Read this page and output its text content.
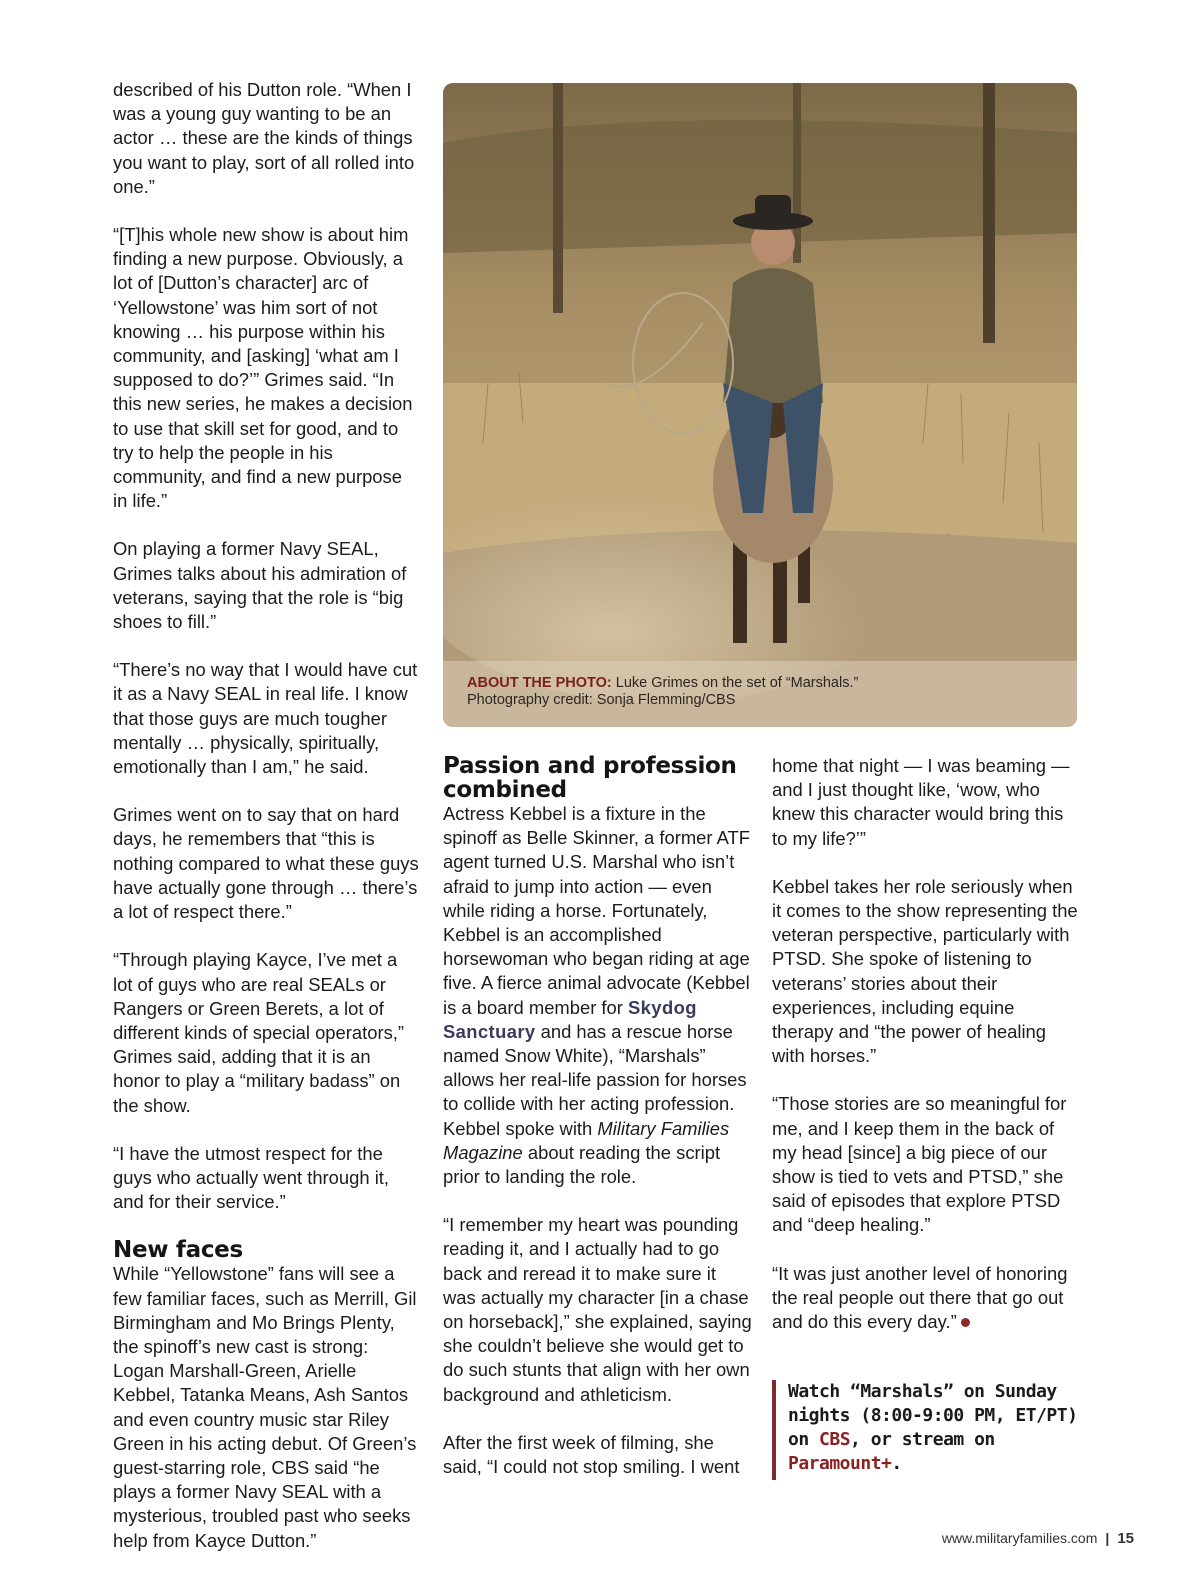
described of his Dutton role. “When I was a young guy wanting to be an actor … these are the kinds of things you want to play, sort of all rolled into one.”

“[T]his whole new show is about him finding a new purpose. Obviously, a lot of [Dutton’s character] arc of ‘Yellowstone’ was him sort of not knowing … his purpose within his community, and [asking] ‘what am I supposed to do?’” Grimes said. “In this new series, he makes a decision to use that skill set for good, and to try to help the people in his community, and find a new purpose in life.”

On playing a former Navy SEAL, Grimes talks about his admiration of veterans, saying that the role is “big shoes to fill.”

“There’s no way that I would have cut it as a Navy SEAL in real life. I know that those guys are much tougher mentally … physically, spiritually, emotionally than I am,” he said.

Grimes went on to say that on hard days, he remembers that “this is nothing compared to what these guys have actually gone through … there’s a lot of respect there.”

“Through playing Kayce, I’ve met a lot of guys who are real SEALs or Rangers or Green Berets, a lot of different kinds of special operators,” Grimes said, adding that it is an honor to play a “military badass” on the show.

“I have the utmost respect for the guys who actually went through it, and for their service.”

New faces

While “Yellowstone” fans will see a few familiar faces, such as Merrill, Gil Birmingham and Mo Brings Plenty, the spinoff’s new cast is strong: Logan Marshall-Green, Arielle Kebbel, Tatanka Means, Ash Santos and even country music star Riley Green in his acting debut. Of Green’s guest-starring role, CBS said “he plays a former Navy SEAL with a mysterious, troubled past who seeks help from Kayce Dutton.”

ABOUT THE PHOTO: Luke Grimes on the set of “Marshals.”
Photography credit: Sonja Flemming/CBS
Passion and profession combined

Actress Kebbel is a fixture in the spinoff as Belle Skinner, a former ATF agent turned U.S. Marshal who isn’t afraid to jump into action — even while riding a horse. Fortunately, Kebbel is an accomplished horsewoman who began riding at age five. A fierce animal advocate (Kebbel is a board member for Skydog Sanctuary and has a rescue horse named Snow White), “Marshals” allows her real-life passion for horses to collide with her acting profession. Kebbel spoke with Military Families Magazine about reading the script prior to landing the role.

“I remember my heart was pounding reading it, and I actually had to go back and reread it to make sure it was actually my character [in a chase on horseback],” she explained, saying she couldn’t believe she would get to do such stunts that align with her own background and athleticism.

After the first week of filming, she said, “I could not stop smiling. I went

home that night — I was beaming — and I just thought like, ‘wow, who knew this character would bring this to my life?’”

Kebbel takes her role seriously when it comes to the show representing the veteran perspective, particularly with PTSD. She spoke of listening to veterans’ stories about their experiences, including equine therapy and “the power of healing with horses.”

“Those stories are so meaningful for me, and I keep them in the back of my head [since] a big piece of our show is tied to vets and PTSD,” she said of episodes that explore PTSD and “deep healing.”

“It was just another level of honoring the real people out there that go out and do this every day.”

Watch “Marshals” on Sunday nights (8:00-9:00 PM, ET/PT) on CBS, or stream on Paramount+.
www.militaryfamilies.com | 15
